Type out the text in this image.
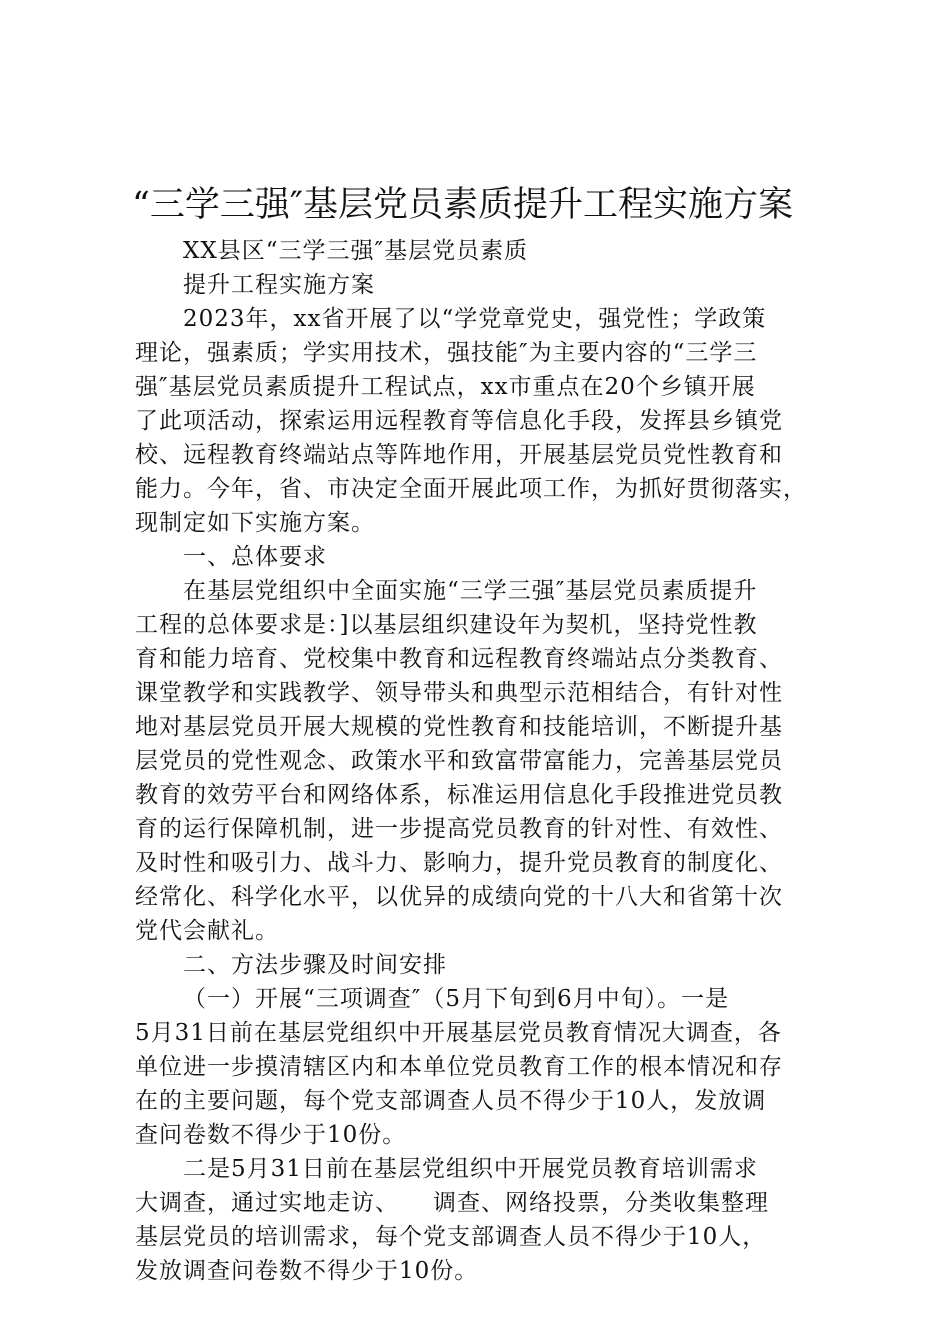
“三学三强″基层党员素质提升工程实施方案
XX县区“三学三强″基层党员素质
提升工程实施方案
2023年，xx省开展了以“学党章党史，强党性；学政策
理论，强素质；学实用技术，强技能″为主要内容的“三学三
强″基层党员素质提升工程试点，xx市重点在20个乡镇开展
了此项活动，探索运用远程教育等信息化手段，发挥县乡镇党
校、远程教育终端站点等阵地作用，开展基层党员党性教育和
能力。今年，省、市决定全面开展此项工作，为抓好贯彻落实，
现制定如下实施方案。
一、总体要求
在基层党组织中全面实施“三学三强″基层党员素质提升
工程的总体要求是：]以基层组织建设年为契机，坚持党性教
育和能力培育、党校集中教育和远程教育终端站点分类教育、
课堂教学和实践教学、领导带头和典型示范相结合，有针对性
地对基层党员开展大规模的党性教育和技能培训，不断提升基
层党员的党性观念、政策水平和致富带富能力，完善基层党员
教育的效劳平台和网络体系，标准运用信息化手段推进党员教
育的运行保障机制，进一步提高党员教育的针对性、有效性、
及时性和吸引力、战斗力、影响力，提升党员教育的制度化、
经常化、科学化水平，以优异的成绩向党的十八大和省第十次
党代会献礼。
二、方法步骤及时间安排
（一）开展“三项调查″（5月下旬到6月中旬）。一是
5月31日前在基层党组织中开展基层党员教育情况大调查，各
单位进一步摸清辖区内和本单位党员教育工作的根本情况和存
在的主要问题，每个党支部调查人员不得少于10人，发放调
查问卷数不得少于10份。
二是5月31日前在基层党组织中开展党员教育培训需求
大调查，通过实地走访、 调查、网络投票，分类收集整理
基层党员的培训需求，每个党支部调查人员不得少于10人，
发放调查问卷数不得少于10份。
